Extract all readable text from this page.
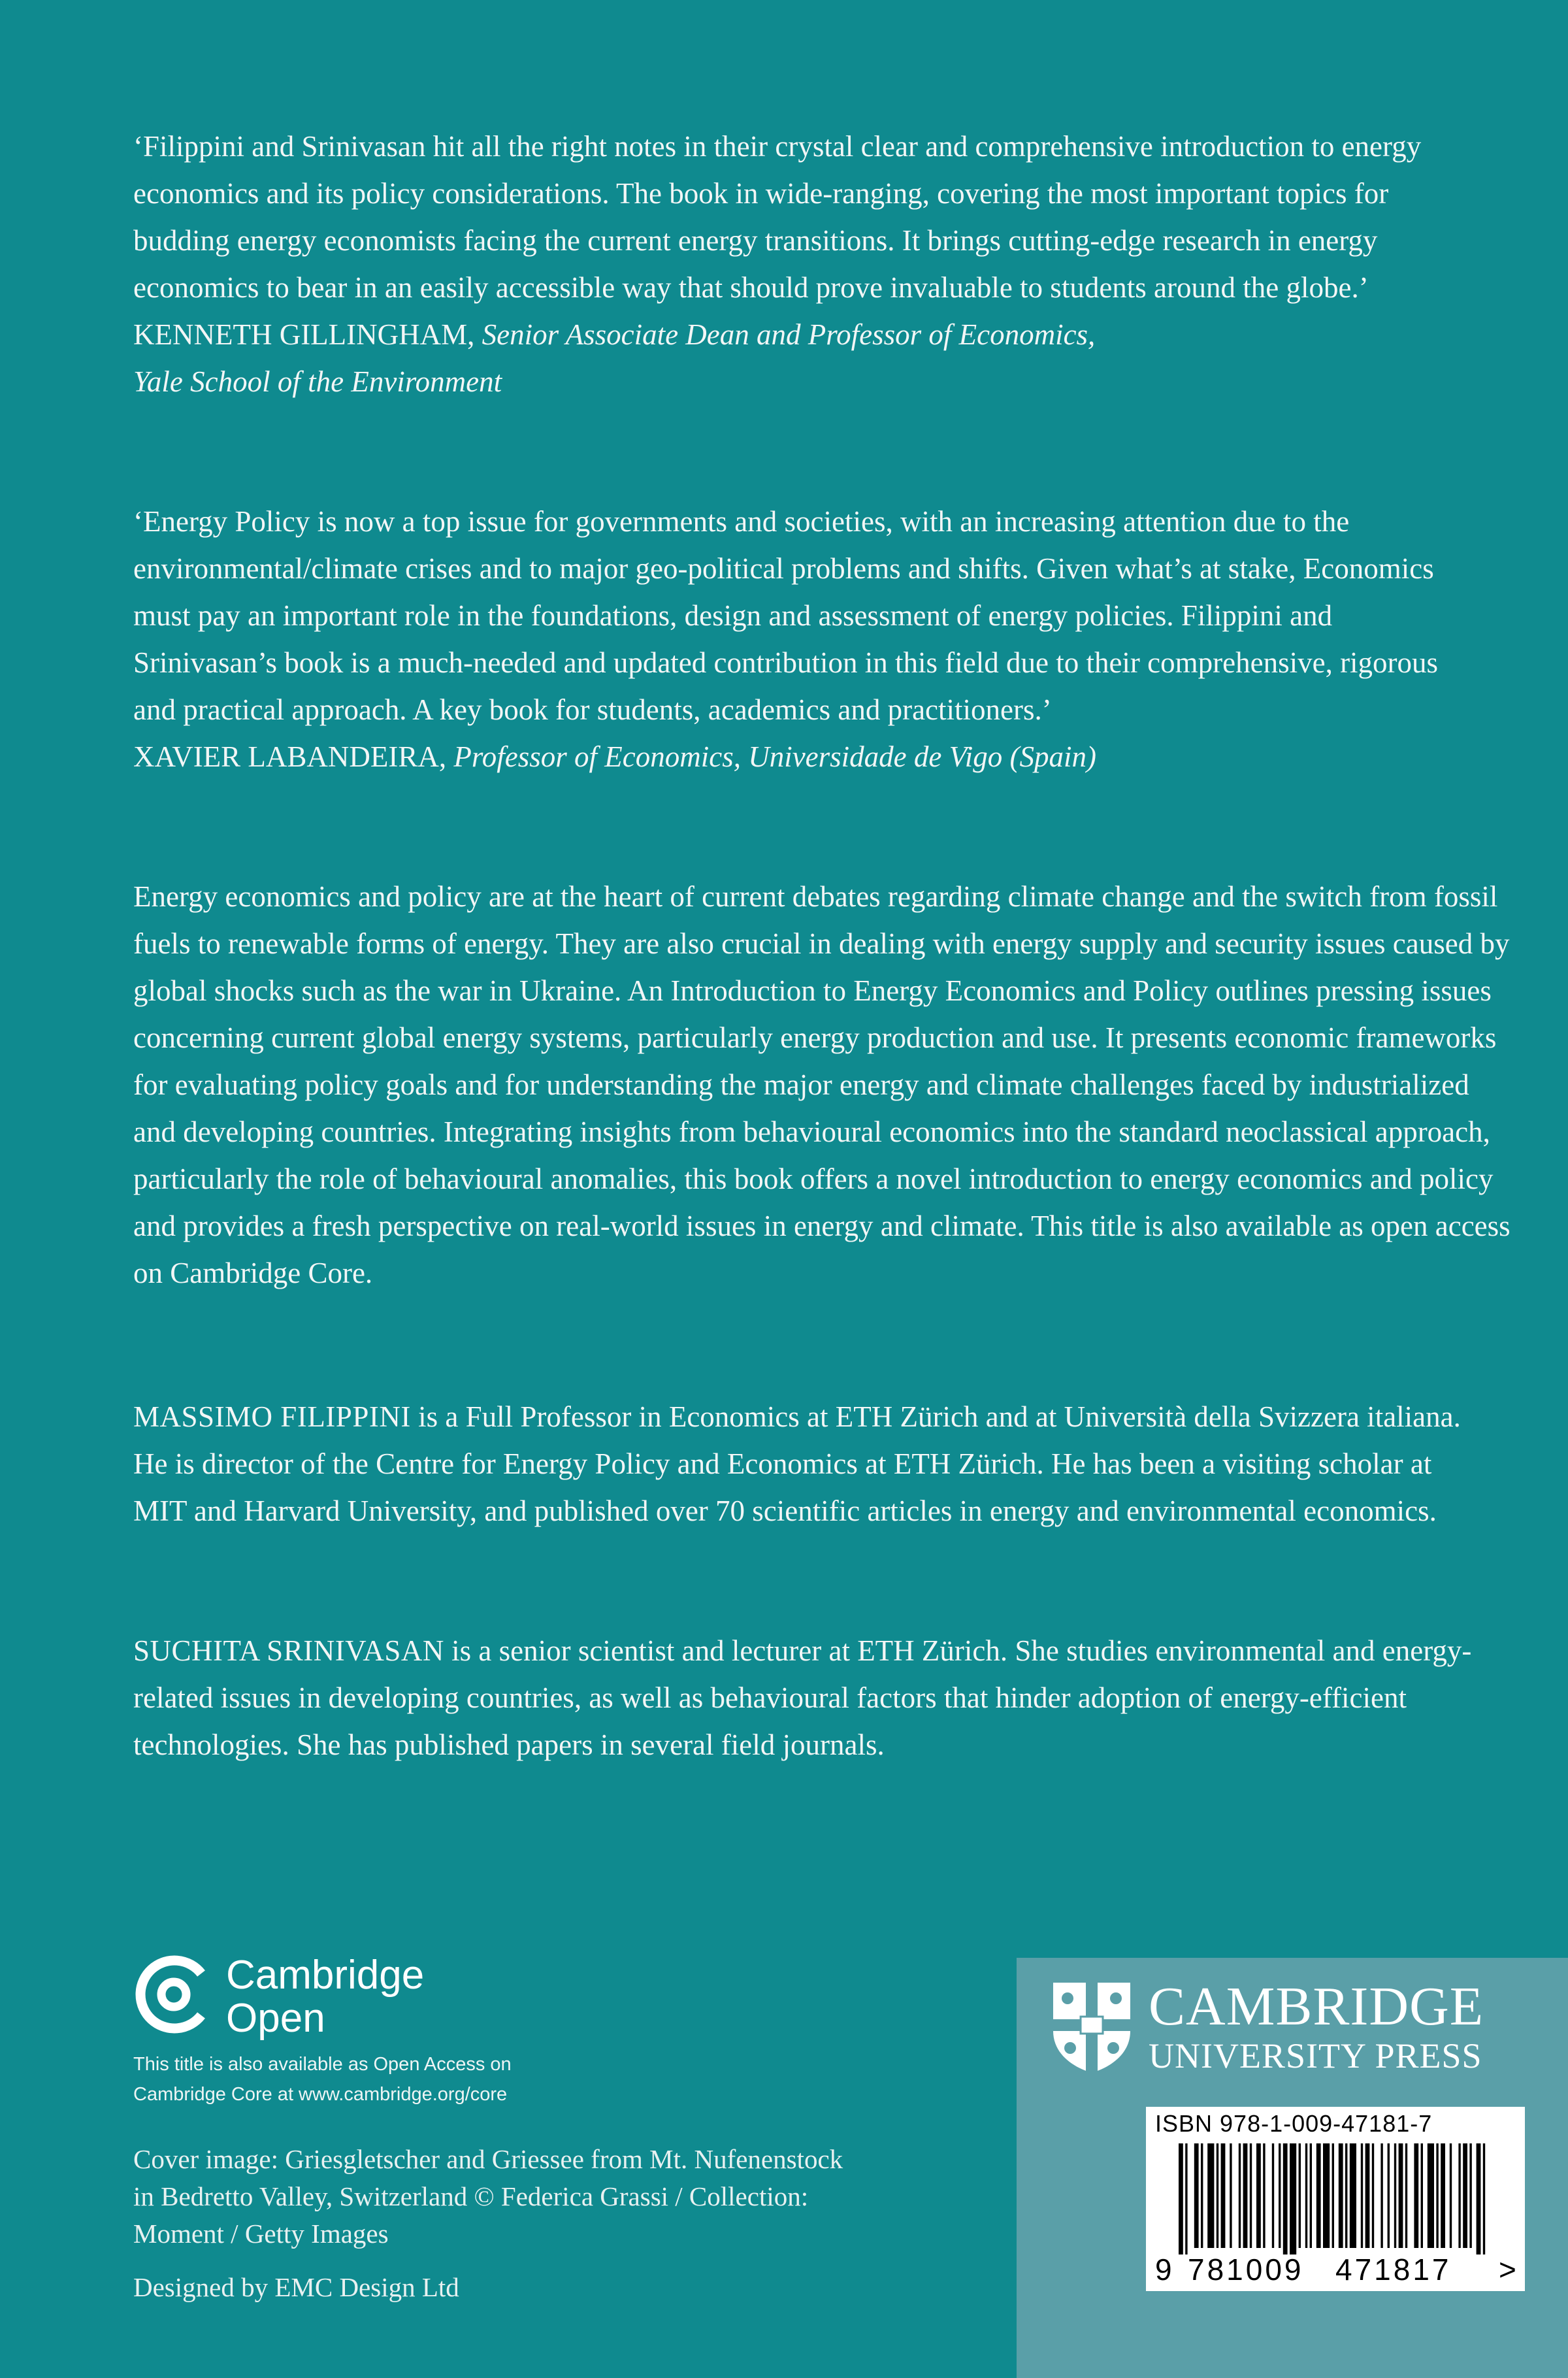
‘Filippini and Srinivasan hit all the right notes in their crystal clear and comprehensive introduction to energy economics and its policy considerations. The book in wide-ranging, covering the most important topics for budding energy economists facing the current energy transitions. It brings cutting-edge research in energy economics to bear in an easily accessible way that should prove invaluable to students around the globe.’

KENNETH GILLINGHAM, Senior Associate Dean and Professor of Economics,

Yale School of the Environment

‘Energy Policy is now a top issue for governments and societies, with an increasing attention due to the environmental/climate crises and to major geo-political problems and shifts. Given what’s at stake, Economics must pay an important role in the foundations, design and assessment of energy policies. Filippini and Srinivasan’s book is a much-needed and updated contribution in this field due to their comprehensive, rigorous and practical approach. A key book for students, academics and practitioners.’

XAVIER LABANDEIRA, Professor of Economics, Universidade de Vigo (Spain)

Energy economics and policy are at the heart of current debates regarding climate change and the switch from fossil fuels to renewable forms of energy. They are also crucial in dealing with energy supply and security issues caused by global shocks such as the war in Ukraine. An Introduction to Energy Economics and Policy outlines pressing issues concerning current global energy systems, particularly energy production and use. It presents economic frameworks for evaluating policy goals and for understanding the major energy and climate challenges faced by industrialized and developing countries. Integrating insights from behavioural economics into the standard neoclassical approach, particularly the role of behavioural anomalies, this book offers a novel introduction to energy economics and policy and provides a fresh perspective on real-world issues in energy and climate. This title is also available as open access on Cambridge Core.

MASSIMO FILIPPINI is a Full Professor in Economics at ETH Zürich and at Università della Svizzera italiana. He is director of the Centre for Energy Policy and Economics at ETH Zürich. He has been a visiting scholar at MIT and Harvard University, and published over 70 scientific articles in energy and environmental economics.

SUCHITA SRINIVASAN is a senior scientist and lecturer at ETH Zürich. She studies environmental and energy-related issues in developing countries, as well as behavioural factors that hinder adoption of energy-efficient technologies. She has published papers in several field journals.

Cambridge
Open
This title is also available as Open Access on
Cambridge Core at www.cambridge.org/core
Cover image: Griesgletscher and Griessee from Mt. Nufenenstock
in Bedretto Valley, Switzerland © Federica Grassi / Collection:
Moment / Getty Images
Designed by EMC Design Ltd
CAMBRIDGE
UNIVERSITY PRESS
ISBN 978-1-009-47181-7
9 781009 471817 >
